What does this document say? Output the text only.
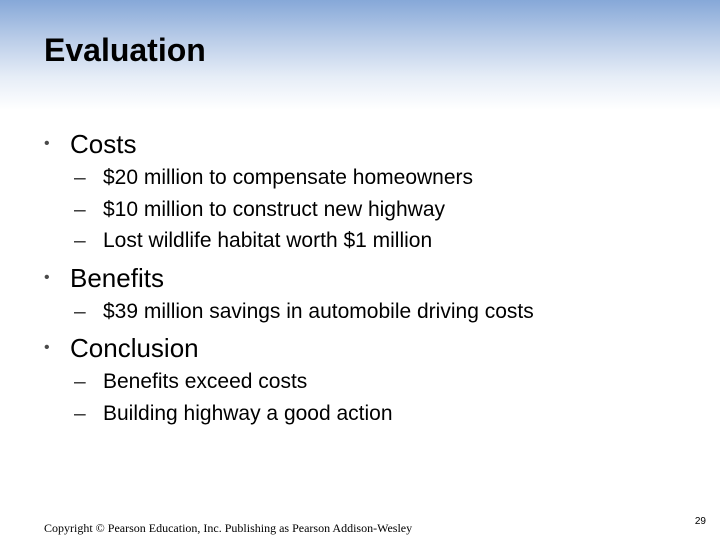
Evaluation
• Costs
– $20 million to compensate homeowners
– $10 million to construct new highway
– Lost wildlife habitat worth $1 million
• Benefits
– $39 million savings in automobile driving costs
• Conclusion
– Benefits exceed costs
– Building highway a good action
Copyright © Pearson Education, Inc. Publishing as Pearson Addison-Wesley	29
